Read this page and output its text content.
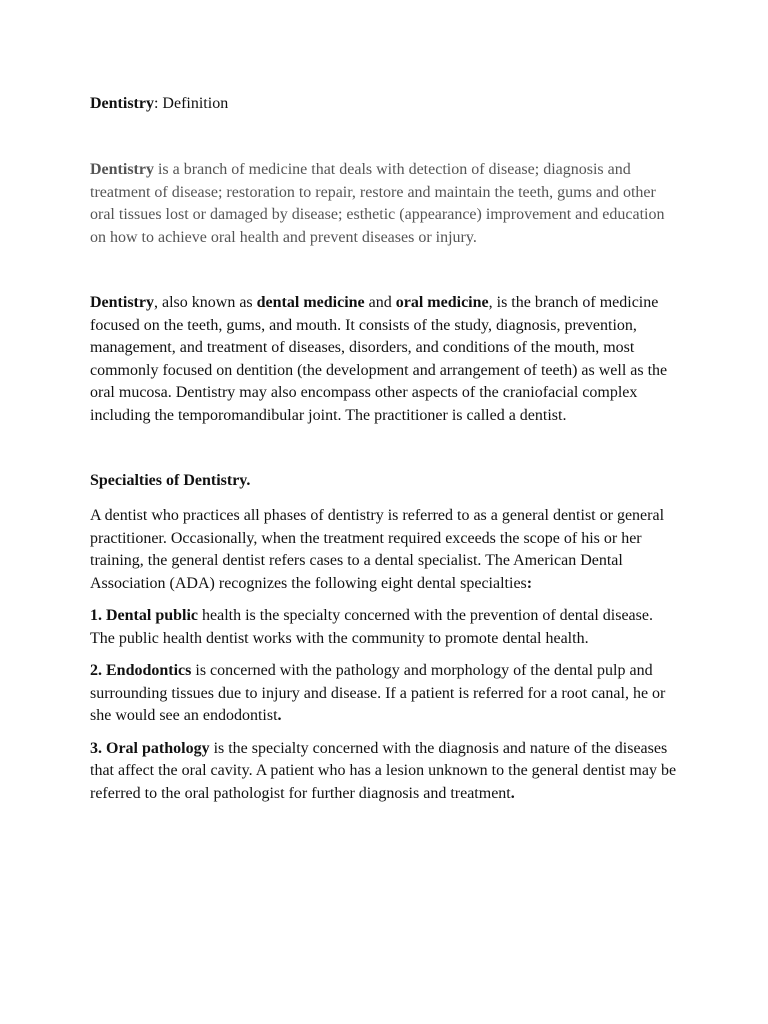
Dentistry: Definition

Dentistry is a branch of medicine that deals with detection of disease; diagnosis and treatment of disease; restoration to repair, restore and maintain the teeth, gums and other oral tissues lost or damaged by disease; esthetic (appearance) improvement and education on how to achieve oral health and prevent diseases or injury.

Dentistry, also known as dental medicine and oral medicine, is the branch of medicine focused on the teeth, gums, and mouth. It consists of the study, diagnosis, prevention, management, and treatment of diseases, disorders, and conditions of the mouth, most commonly focused on dentition (the development and arrangement of teeth) as well as the oral mucosa. Dentistry may also encompass other aspects of the craniofacial complex including the temporomandibular joint. The practitioner is called a dentist.

Specialties of Dentistry.

A dentist who practices all phases of dentistry is referred to as a general dentist or general practitioner. Occasionally, when the treatment required exceeds the scope of his or her training, the general dentist refers cases to a dental specialist. The American Dental Association (ADA) recognizes the following eight dental specialties:

1. Dental public health is the specialty concerned with the prevention of dental disease. The public health dentist works with the community to promote dental health.

2. Endodontics is concerned with the pathology and morphology of the dental pulp and surrounding tissues due to injury and disease. If a patient is referred for a root canal, he or she would see an endodontist.

3. Oral pathology is the specialty concerned with the diagnosis and nature of the diseases that affect the oral cavity. A patient who has a lesion unknown to the general dentist may be referred to the oral pathologist for further diagnosis and treatment.
